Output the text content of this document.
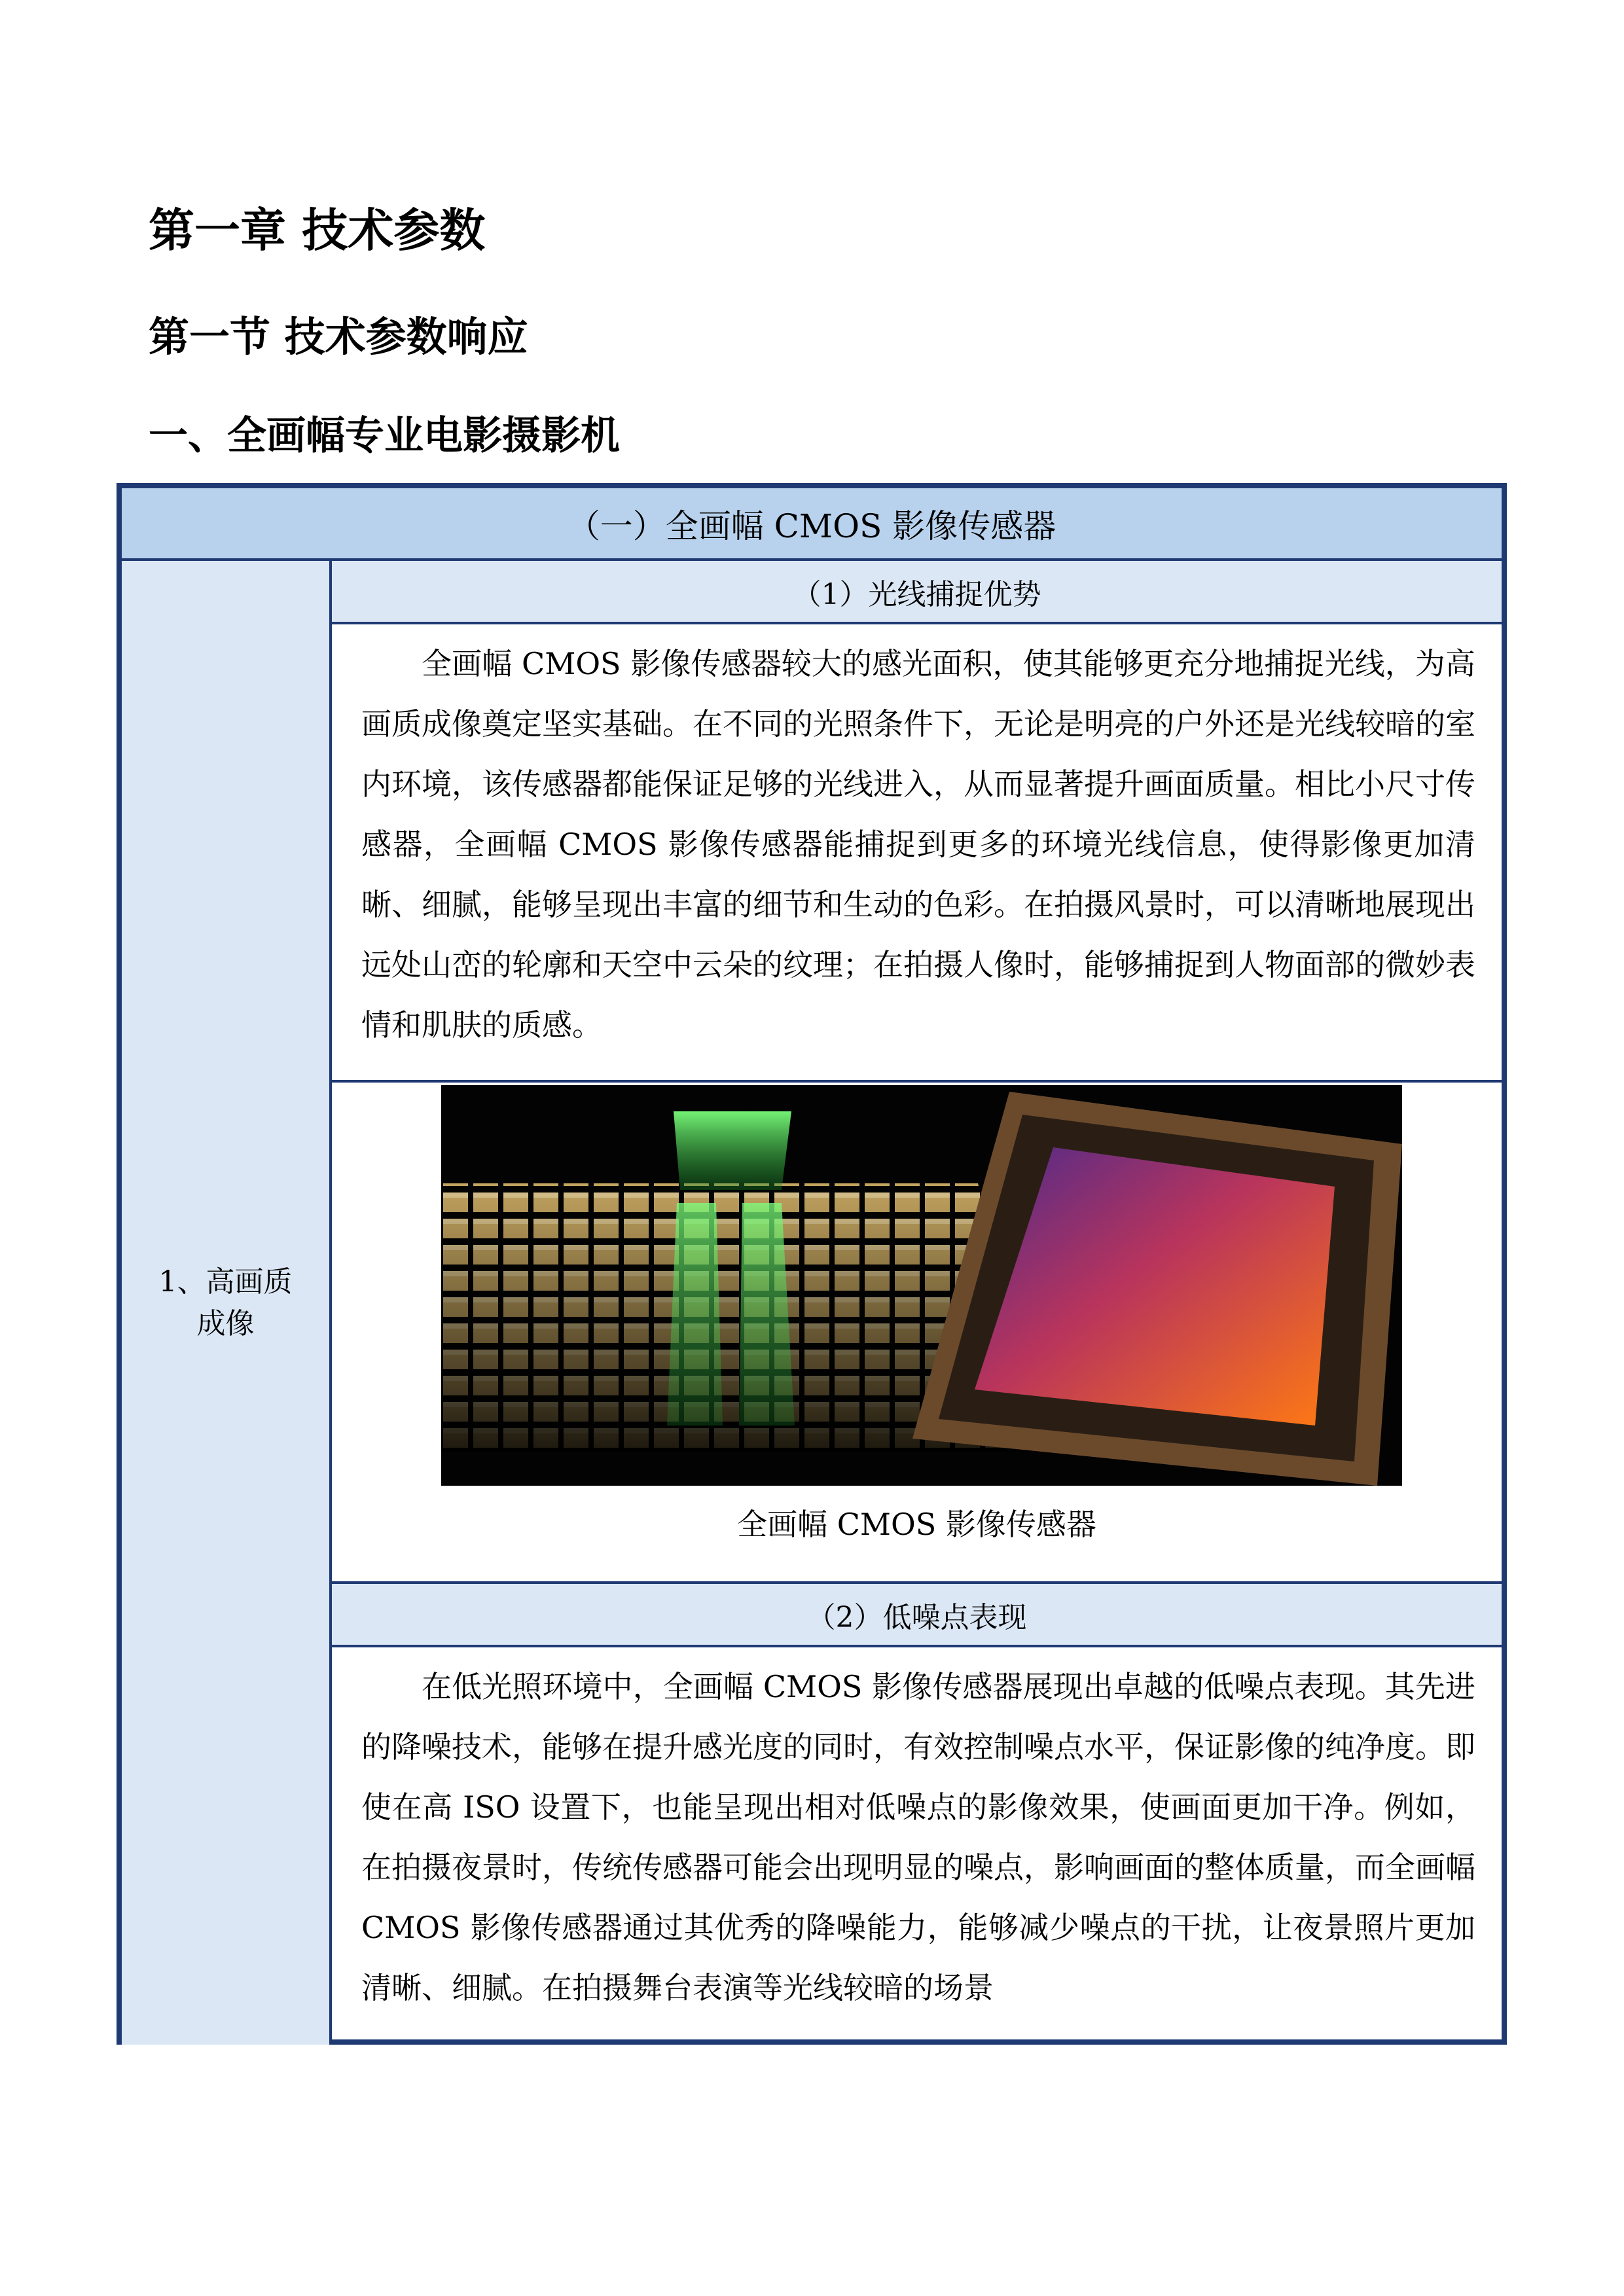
第一章 技术参数
第一节 技术参数响应
一、全画幅专业电影摄影机
（一）全画幅 CMOS 影像传感器
1、高画质成像
（1）光线捕捉优势
全画幅 CMOS 影像传感器较大的感光面积，使其能够更充分地捕捉光线，为高画质成像奠定坚实基础。在不同的光照条件下，无论是明亮的户外还是光线较暗的室内环境，该传感器都能保证足够的光线进入，从而显著提升画面质量。相比小尺寸传感器，全画幅 CMOS 影像传感器能捕捉到更多的环境光线信息，使得影像更加清晰、细腻，能够呈现出丰富的细节和生动的色彩。在拍摄风景时，可以清晰地展现出远处山峦的轮廓和天空中云朵的纹理；在拍摄人像时，能够捕捉到人物面部的微妙表情和肌肤的质感。
全画幅 CMOS 影像传感器
（2）低噪点表现
在低光照环境中，全画幅 CMOS 影像传感器展现出卓越的低噪点表现。其先进的降噪技术，能够在提升感光度的同时，有效控制噪点水平，保证影像的纯净度。即使在高 ISO 设置下，也能呈现出相对低噪点的影像效果，使画面更加干净。例如，在拍摄夜景时，传统传感器可能会出现明显的噪点，影响画面的整体质量，而全画幅 CMOS 影像传感器通过其优秀的降噪能力，能够减少噪点的干扰，让夜景照片更加清晰、细腻。在拍摄舞台表演等光线较暗的场景
